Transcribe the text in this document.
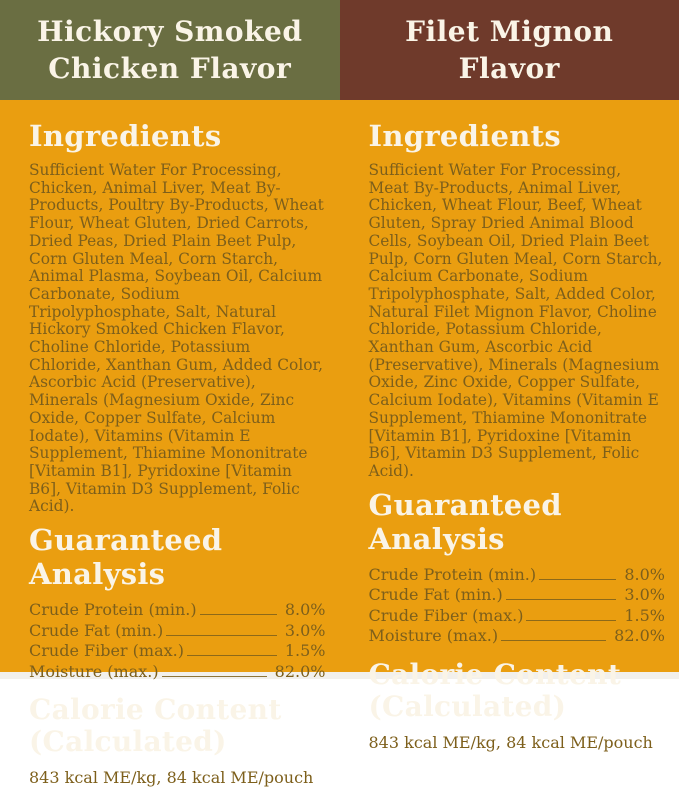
Hickory Smoked
Chicken Flavor
Filet Mignon
Flavor
Ingredients

Sufficient Water For Processing, Chicken, Animal Liver, Meat By-Products, Poultry By-Products, Wheat Flour, Wheat Gluten, Dried Carrots, Dried Peas, Dried Plain Beet Pulp, Corn Gluten Meal, Corn Starch, Animal Plasma, Soybean Oil, Calcium Carbonate, Sodium Tripolyphosphate, Salt, Natural Hickory Smoked Chicken Flavor, Choline Chloride, Potassium Chloride, Xanthan Gum, Added Color, Ascorbic Acid (Preservative), Minerals (Magnesium Oxide, Zinc Oxide, Copper Sulfate, Calcium Iodate), Vitamins (Vitamin E Supplement, Thiamine Mononitrate [Vitamin B1], Pyridoxine [Vitamin B6], Vitamin D3 Supplement, Folic Acid).

Guaranteed Analysis
Crude Protein (min.)	8.0%
Crude Fat (min.)	3.0%
Crude Fiber (max.)	1.5%
Moisture (max.)	82.0%
Calorie Content
(Calculated)

843 kcal ME/kg, 84 kcal ME/pouch

Ingredients

Sufficient Water For Processing, Meat By-Products, Animal Liver, Chicken, Wheat Flour, Beef, Wheat Gluten, Spray Dried Animal Blood Cells, Soybean Oil, Dried Plain Beet Pulp, Corn Gluten Meal, Corn Starch, Calcium Carbonate, Sodium Tripolyphosphate, Salt, Added Color, Natural Filet Mignon Flavor, Choline Chloride, Potassium Chloride, Xanthan Gum, Ascorbic Acid (Preservative), Minerals (Magnesium Oxide, Zinc Oxide, Copper Sulfate, Calcium Iodate), Vitamins (Vitamin E Supplement, Thiamine Mononitrate [Vitamin B1], Pyridoxine [Vitamin B6], Vitamin D3 Supplement, Folic Acid).

Guaranteed Analysis
Crude Protein (min.)	8.0%
Crude Fat (min.)	3.0%
Crude Fiber (max.)	1.5%
Moisture (max.)	82.0%
Calorie Content
(Calculated)

843 kcal ME/kg, 84 kcal ME/pouch
